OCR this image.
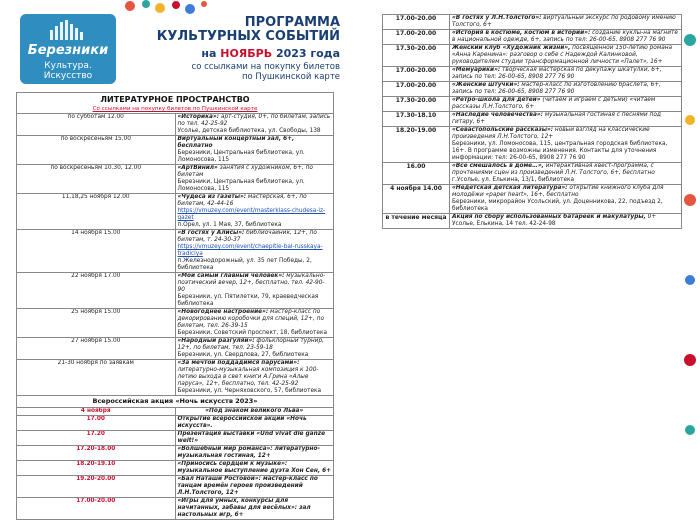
Березники
Культура. Искусство
ПРОГРАММА
КУЛЬТУРНЫХ СОБЫТИЙ
на НОЯБРЬ 2023 года
со ссылками на покупку билетов
по Пушкинской карте
ЛИТЕРАТУРНОЕ ПРОСТРАНСТВО
Со ссылками на покупку билетов по Пушкинской карте	

по субботам 12.00	«Историка»: арт-студия, 0+, по билетам, запись по тел. 42-25-92
Усолье, детская библиотека, ул. Свободы, 138
по воскресеньям 15.00	Виртуальный концертный зал, 6+, бесплатно
Березники, Центральная библиотека, ул. Ломоносова, 115
по воскресеньям 10.30, 12.00	«АртВинил» занятия с художником, 6+, по билетам
Березники, Центральная библиотека, ул. Ломоносова, 115
11,18,25 ноября 12.00	«Чудеса из газеты»: мастерская, 6+, по билетам, 42-44-16
https://vmuzey.com/event/masterklass-chudesa-iz-gazet
п.Орел, ул. 1 Мая, 37, библиотека
14 ноября 15.00	«В гостях у Алисы»: библиочайник, 12+, по билетам, т. 24-30-37
https://vmuzey.com/event/chaepitie-bal-russkaya-tradiciya
п.Железнодорожный, ул. 35 лет Победы, 2, библиотека
22 ноября 17.00	«Мой самый главный человек»: музыкально-поэтический вечер, 12+, бесплатно, тел. 42-90-90
Березники, ул. Пятилетки, 79, краеведческая библиотека
25 ноября 15.00	«Новогоднее настроение»: мастер-класс по декорированию коробочки для специй, 12+, по билетам, тел. 26-39-15
Березники, Советский проспект, 18, библиотека
27 ноября 15.00	«Народный разгуляй»: фольклорный турнир, 12+, по билетам, тел. 23-59-18
Березники, ул. Свердлова, 27, библиотека
21-30 ноября по заявкам	«За мечтой поддадимся парусами»: литературно-музыкальная композиция к 100-летию выхода в свет книги А.Грина «Алые паруса», 12+, бесплатно, тел. 42-25-92
Березники, ул. Черняховского, 57, библиотека

Всероссийская акция «Ночь искусств 2023»	

4 ноября	«Под знаком великого Льва»
17.00	Открытие всероссийской акции «Ночь искусств».
17.20	Презентация выставки «Und vivat die ganze welt!»
17.20-18.00	«Волшебный мир романса»: литературно-музыкальная гостиная, 12+
18.20-19.10	«Приносись сердцем к музыке»: музыкальное выступление дуэта Хон Сен, 6+
19.20-20.00	«Бал Наташи Ростовой»: мастер-класс по танцам времён героев произведений Л.Н.Толстого, 12+
17.00-20.00	«Игры для умных, конкурсы для начитанных, забавы для весёлых»: зал настольных игр, 6+
17.00-20.00	«В гостях у Л.Н.Толстого»: виртуальный экскурс по родовому имению Толстого, 6+
17.00-20.00	«История в костюме, костюм в истории»: создание куклы-на магните в национальной одежде, 6+, запись по тел: 26-00-65, 8908 277 76 90
17.30-20.00	Женский клуб «Художник жизни», посвящённой 150-летию романа «Анна Каренина»: разговор о себе с Надеждой Калинковой, руководителем студии трансформационной личности «Палет», 16+
17.00-20.00	«Мемуарики»: творческая мастерская по декупажу шкатулки, 6+, запись по тел: 26-00-65, 8908 277 76 90
17.00-20.00	«Женские штучки»: мастер-класс по изготовлению браслета, 6+, запись по тел: 26-00-65, 8908 277 76 90
17.30-20.00	«Ретро-школа для детей» (читаем и играем с детьми) «читаем рассказы Л.Н.Толстого, 6+
17.30-18.10	«Наследие человечества»: музыкальная гостиная с песнями под гитару, 6+
18.20-19.00	«Севастопольские рассказы»: новый взгляд на классические произведения Л.Н.Толстого, 12+
Березники, ул. Ломоносова, 115, центральная городская библиотека, 16+. В программе возможны изменения. Контакты для уточнения информации: тел: 26-00-65, 8908 277 76 90
16.00	«Всё смешалось в доме…», интерактивная квест-программа, с прочтениями сцен из произведений Л.Н. Толстого, 6+, бесплатно
г.Усолье, ул. Елькина, 13/1, библиотека
4 ноября 14.00	«Недетская детская литература»: открытие книжного клуба для молодёжи «paper heart», 16+, бесплатно
Березники, микрорайон Усольский, ул. Доценникова, 22, подъезд 2, библиотека
в течение месяца	Акция по сбору использованных батареек и макулатуры, 0+
Усолье, Елькина, 14 тел. 42-24-98
